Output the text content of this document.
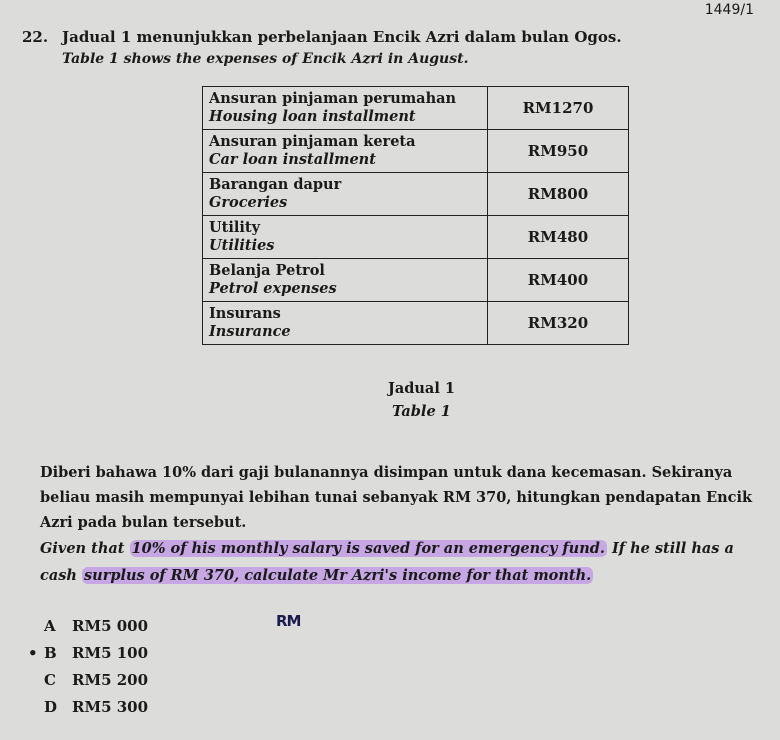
1449/1
22. Jadual 1 menunjukkan perbelanjaan Encik Azri dalam bulan Ogos.
Table 1 shows the expenses of Encik Azri in August.
Ansuran pinjaman perumahan
Housing loan installment	RM1270

Ansuran pinjaman kereta
Car loan installment	RM950

Barangan dapur
Groceries	RM800

Utility
Utilities	RM480

Belanja Petrol
Petrol expenses	RM400

Insurans
Insurance	RM320
Jadual 1
Table 1
Diberi bahawa 10% dari gaji bulanannya disimpan untuk dana kecemasan. Sekiranya beliau masih mempunyai lebihan tunai sebanyak RM 370, hitungkan pendapatan Encik Azri pada bulan tersebut.
Given that 10% of his monthly salary is saved for an emergency fund. If he still has a cash surplus of RM 370, calculate Mr Azri's income for that month.
A RM5 000
• B RM5 100
C RM5 200
D RM5 300
RM
